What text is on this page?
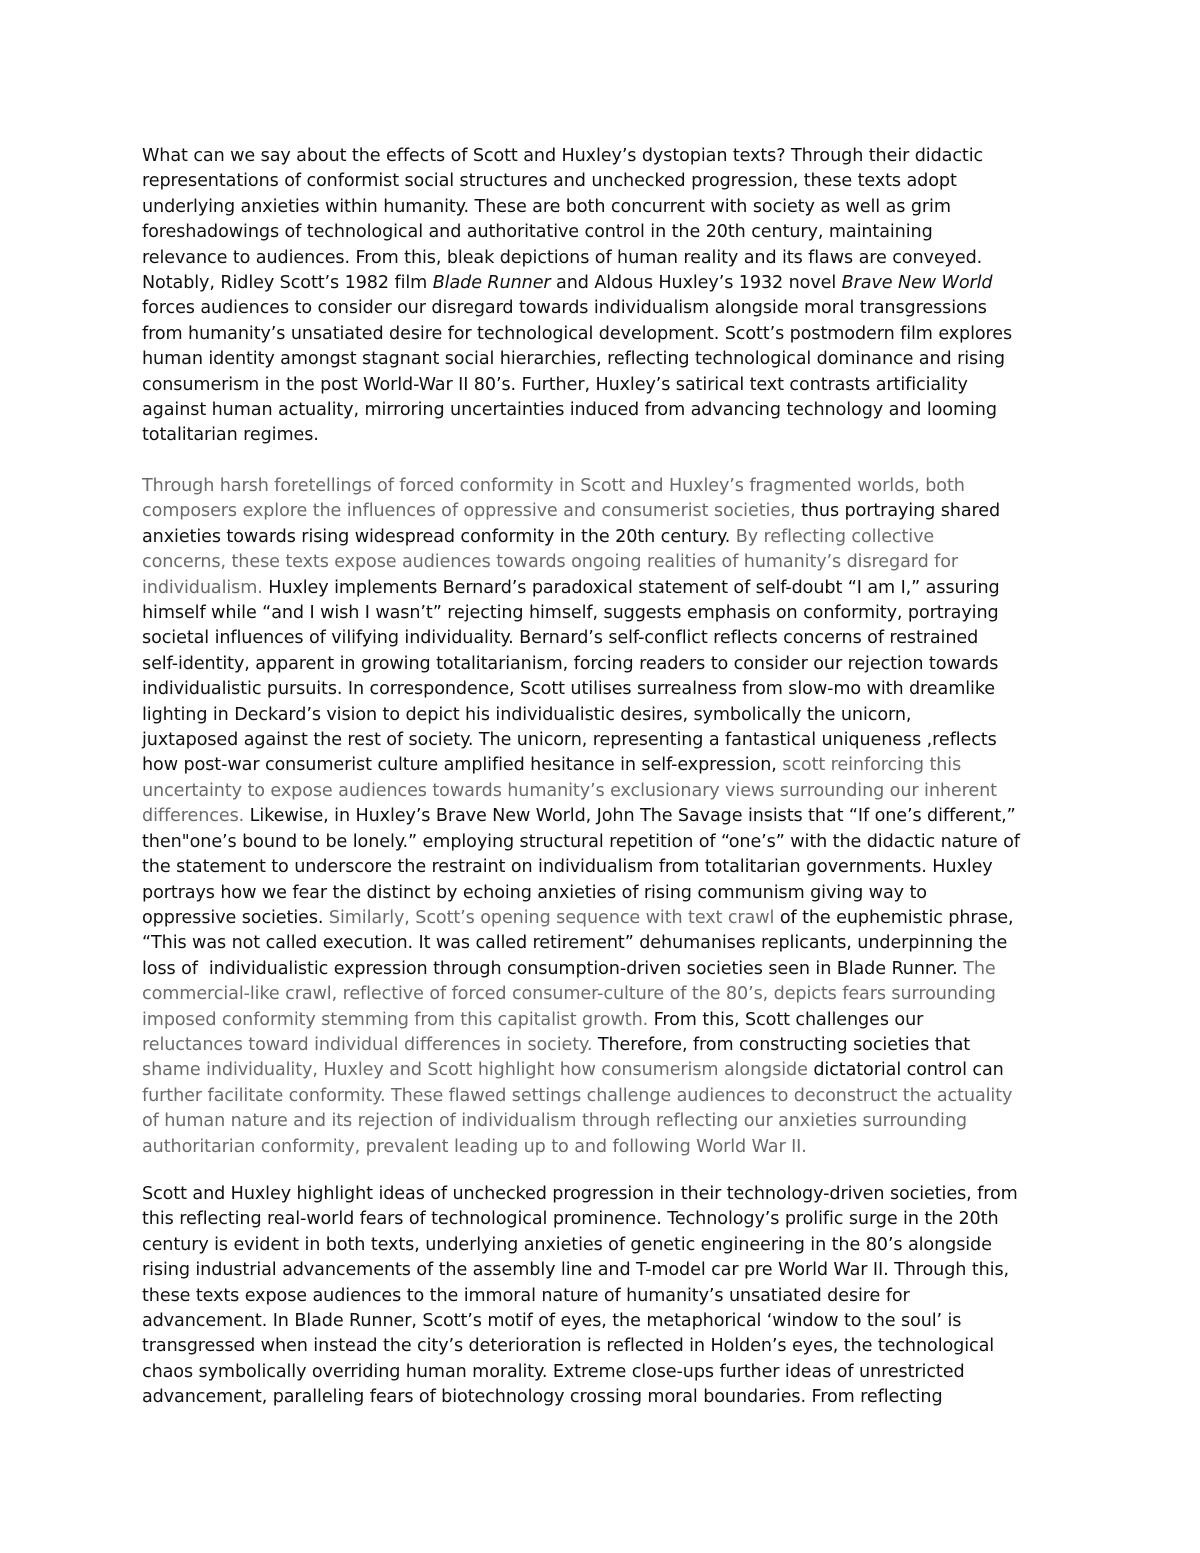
What can we say about the effects of Scott and Huxley’s dystopian texts? Through their didactic
representations of conformist social structures and unchecked progression, these texts adopt
underlying anxieties within humanity. These are both concurrent with society as well as grim
foreshadowings of technological and authoritative control in the 20th century, maintaining
relevance to audiences. From this, bleak depictions of human reality and its flaws are conveyed.
Notably, Ridley Scott’s 1982 film Blade Runner and Aldous Huxley’s 1932 novel Brave New World
forces audiences to consider our disregard towards individualism alongside moral transgressions
from humanity’s unsatiated desire for technological development. Scott’s postmodern film explores
human identity amongst stagnant social hierarchies, reflecting technological dominance and rising
consumerism in the post World-War II 80’s. Further, Huxley’s satirical text contrasts artificiality
against human actuality, mirroring uncertainties induced from advancing technology and looming
totalitarian regimes.
Through harsh foretellings of forced conformity in Scott and Huxley’s fragmented worlds, both
composers explore the influences of oppressive and consumerist societies, thus portraying shared
anxieties towards rising widespread conformity in the 20th century. By reflecting collective
concerns, these texts expose audiences towards ongoing realities of humanity’s disregard for
individualism. Huxley implements Bernard’s paradoxical statement of self-doubt “I am I,” assuring
himself while “and I wish I wasn’t” rejecting himself, suggests emphasis on conformity, portraying
societal influences of vilifying individuality. Bernard’s self-conflict reflects concerns of restrained
self-identity, apparent in growing totalitarianism, forcing readers to consider our rejection towards
individualistic pursuits. In correspondence, Scott utilises surrealness from slow-mo with dreamlike
lighting in Deckard’s vision to depict his individualistic desires, symbolically the unicorn,
juxtaposed against the rest of society. The unicorn, representing a fantastical uniqueness ,reflects
how post-war consumerist culture amplified hesitance in self-expression, scott reinforcing this
uncertainty to expose audiences towards humanity’s exclusionary views surrounding our inherent
differences. Likewise, in Huxley’s Brave New World, John The Savage insists that “If one’s different,”
then"one’s bound to be lonely.” employing structural repetition of “one’s” with the didactic nature of
the statement to underscore the restraint on individualism from totalitarian governments. Huxley
portrays how we fear the distinct by echoing anxieties of rising communism giving way to
oppressive societies. Similarly, Scott’s opening sequence with text crawl of the euphemistic phrase,
“This was not called execution. It was called retirement” dehumanises replicants, underpinning the
loss of  individualistic expression through consumption-driven societies seen in Blade Runner. The
commercial-like crawl, reflective of forced consumer-culture of the 80’s, depicts fears surrounding
imposed conformity stemming from this capitalist growth. From this, Scott challenges our
reluctances toward individual differences in society. Therefore, from constructing societies that
shame individuality, Huxley and Scott highlight how consumerism alongside dictatorial control can
further facilitate conformity. These flawed settings challenge audiences to deconstruct the actuality
of human nature and its rejection of individualism through reflecting our anxieties surrounding
authoritarian conformity, prevalent leading up to and following World War II.
Scott and Huxley highlight ideas of unchecked progression in their technology-driven societies, from
this reflecting real-world fears of technological prominence. Technology’s prolific surge in the 20th
century is evident in both texts, underlying anxieties of genetic engineering in the 80’s alongside
rising industrial advancements of the assembly line and T-model car pre World War II. Through this,
these texts expose audiences to the immoral nature of humanity’s unsatiated desire for
advancement. In Blade Runner, Scott’s motif of eyes, the metaphorical ‘window to the soul’ is
transgressed when instead the city’s deterioration is reflected in Holden’s eyes, the technological
chaos symbolically overriding human morality. Extreme close-ups further ideas of unrestricted
advancement, paralleling fears of biotechnology crossing moral boundaries. From reflecting
